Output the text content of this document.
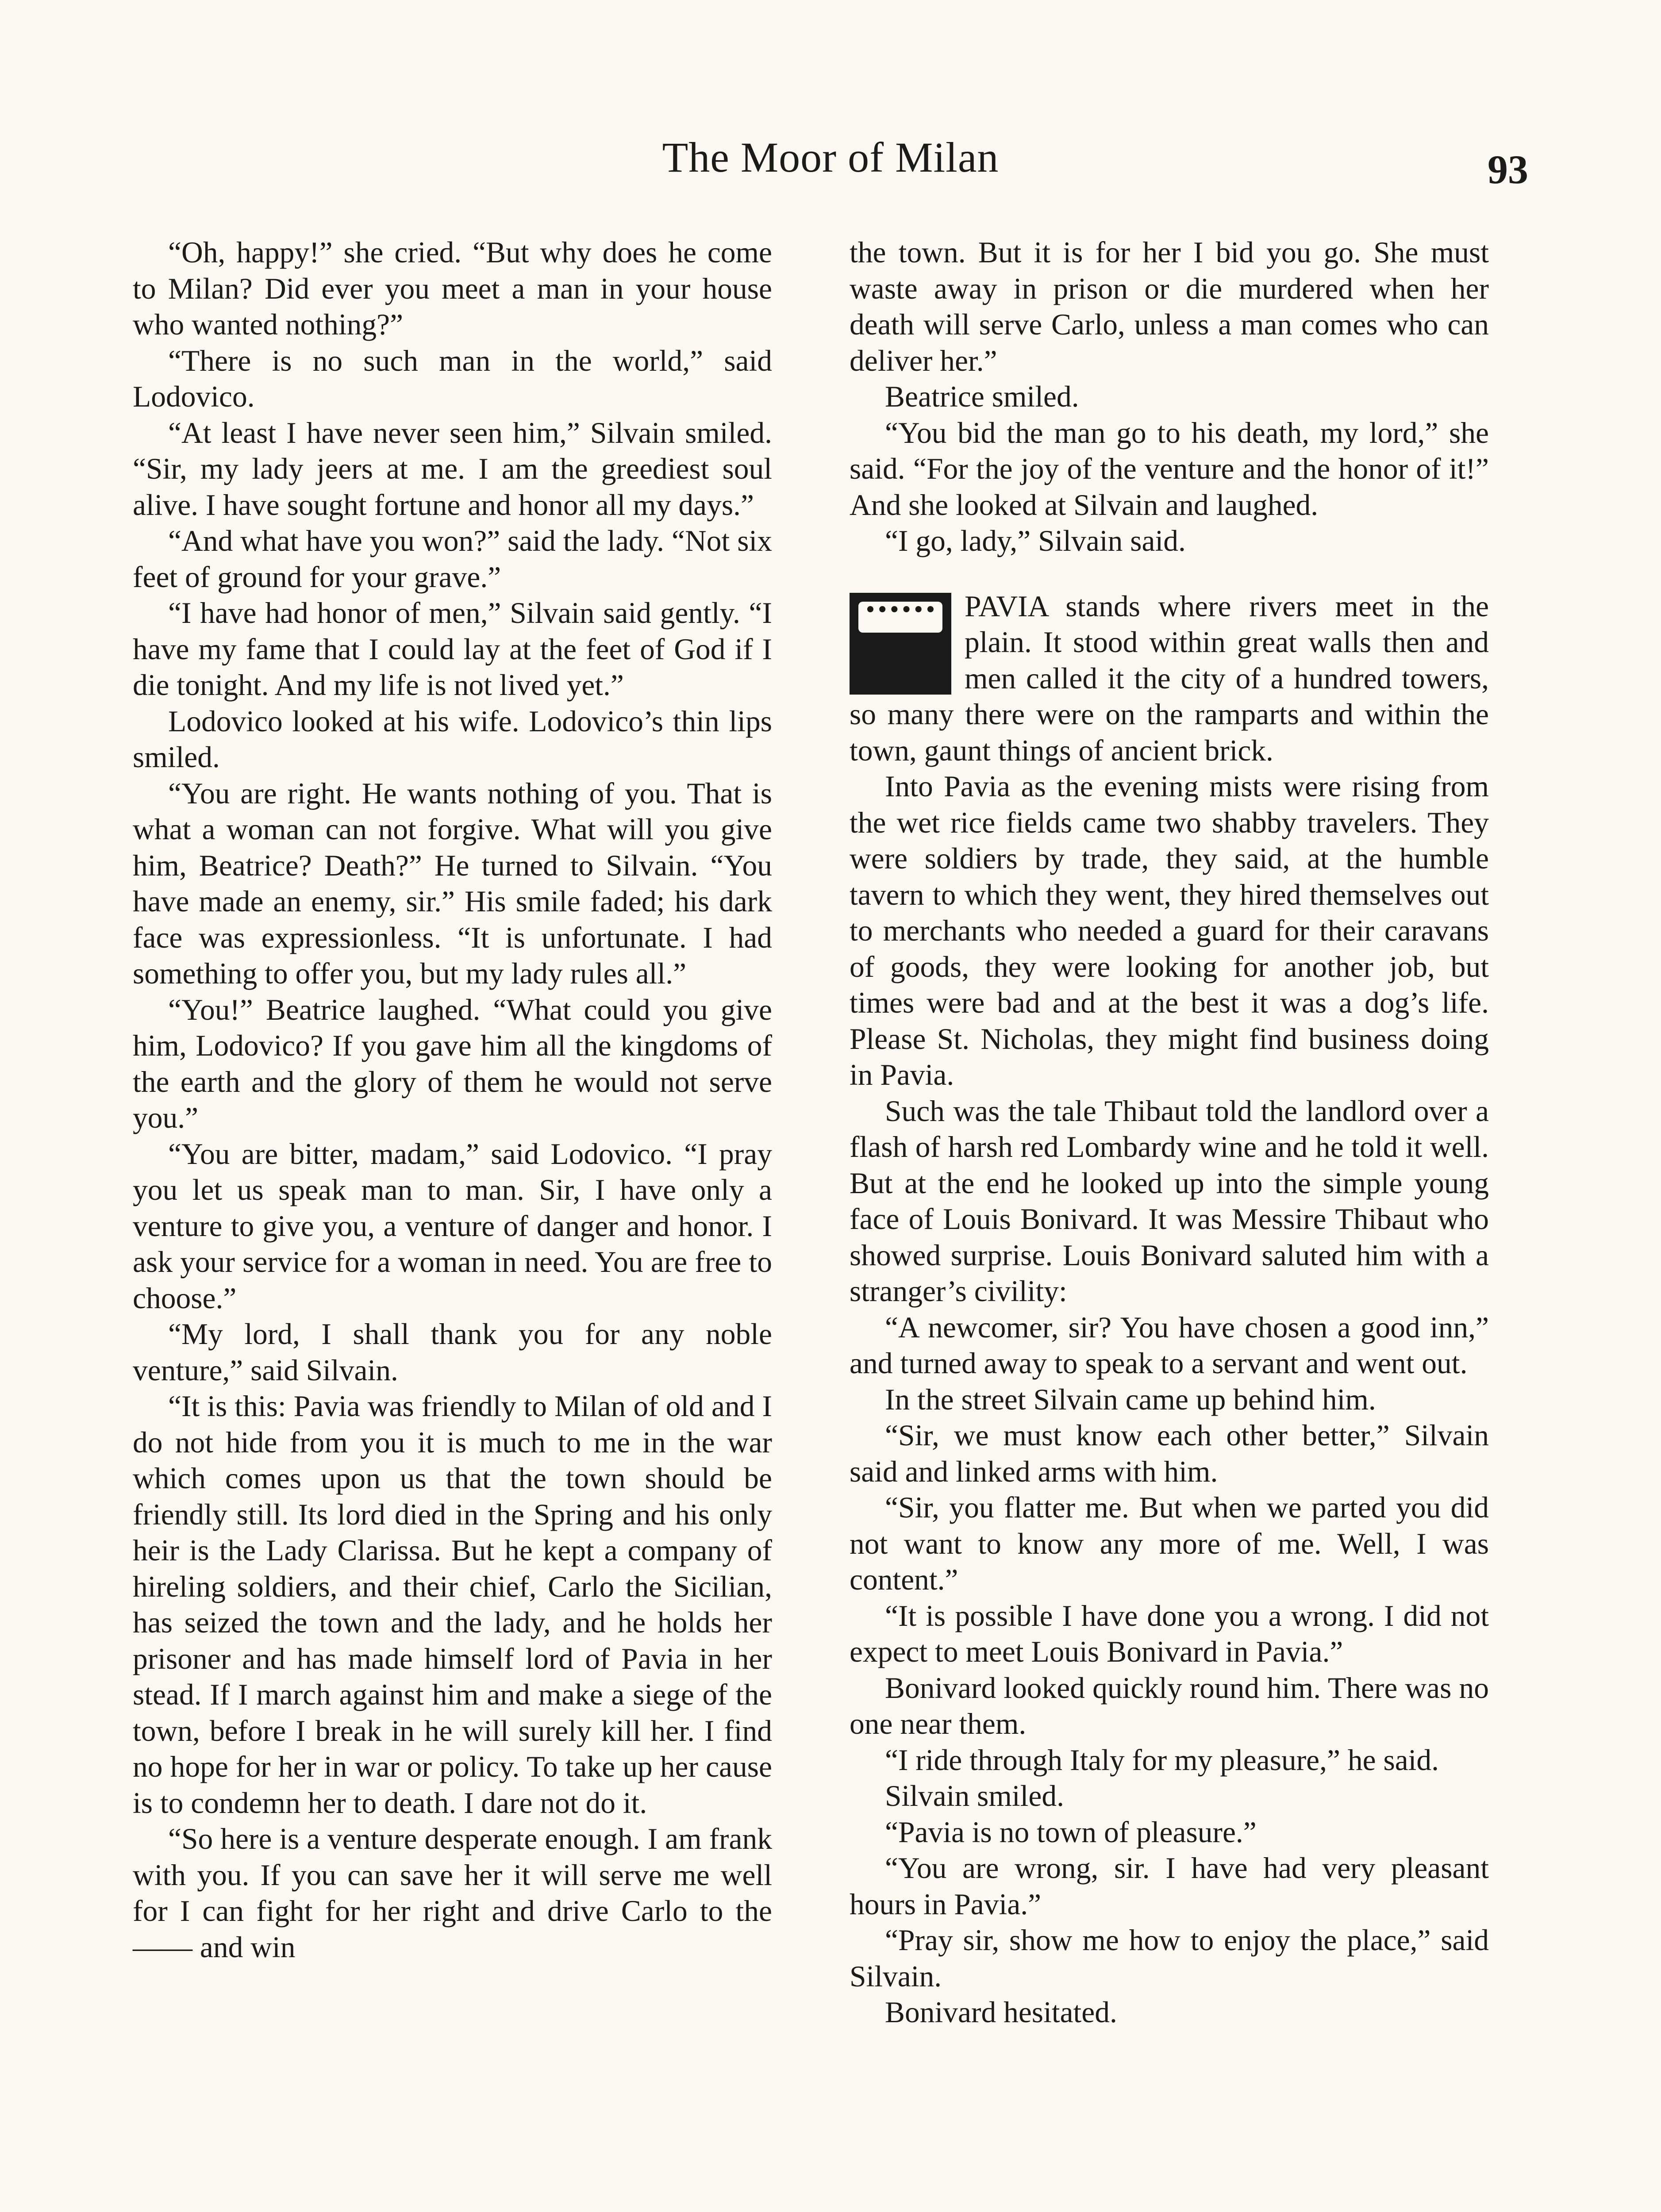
The Moor of Milan	93

“Oh, happy!” she cried. “But why does he come to Milan? Did ever you meet a man in your house who wanted nothing?”

“There is no such man in the world,” said Lodovico.

“At least I have never seen him,” Silvain smiled. “Sir, my lady jeers at me. I am the greediest soul alive. I have sought fortune and honor all my days.”

“And what have you won?” said the lady. “Not six feet of ground for your grave.”

“I have had honor of men,” Silvain said gently. “I have my fame that I could lay at the feet of God if I die tonight. And my life is not lived yet.”

Lodovico looked at his wife. Lodovico’s thin lips smiled.

“You are right. He wants nothing of you. That is what a woman can not forgive. What will you give him, Beatrice? Death?” He turned to Silvain. “You have made an enemy, sir.” His smile faded; his dark face was expressionless. “It is unfortunate. I had something to offer you, but my lady rules all.”

“You!” Beatrice laughed. “What could you give him, Lodovico? If you gave him all the kingdoms of the earth and the glory of them he would not serve you.”

“You are bitter, madam,” said Lodovico. “I pray you let us speak man to man. Sir, I have only a venture to give you, a venture of danger and honor. I ask your service for a woman in need. You are free to choose.”

“My lord, I shall thank you for any noble venture,” said Silvain.

“It is this: Pavia was friendly to Milan of old and I do not hide from you it is much to me in the war which comes upon us that the town should be friendly still. Its lord died in the Spring and his only heir is the Lady Clarissa. But he kept a company of hireling soldiers, and their chief, Carlo the Sicilian, has seized the town and the lady, and he holds her prisoner and has made himself lord of Pavia in her stead. If I march against him and make a siege of the town, before I break in he will surely kill her. I find no hope for her in war or policy. To take up her cause is to condemn her to death. I dare not do it.

“So here is a venture desperate enough. I am frank with you. If you can save her it will serve me well for I can fight for her right and drive Carlo to the —— and win

the town. But it is for her I bid you go. She must waste away in prison or die murdered when her death will serve Carlo, unless a man comes who can deliver her.”

Beatrice smiled.

“You bid the man go to his death, my lord,” she said. “For the joy of the venture and the honor of it!” And she looked at Silvain and laughed.

“I go, lady,” Silvain said.

PAVIA stands where rivers meet in the plain. It stood within great walls then and men called it the city of a hundred towers, so many there were on the ramparts and within the town, gaunt things of ancient brick.

Into Pavia as the evening mists were rising from the wet rice fields came two shabby travelers. They were soldiers by trade, they said, at the humble tavern to which they went, they hired themselves out to merchants who needed a guard for their caravans of goods, they were looking for another job, but times were bad and at the best it was a dog’s life. Please St. Nicholas, they might find business doing in Pavia.

Such was the tale Thibaut told the landlord over a flash of harsh red Lombardy wine and he told it well. But at the end he looked up into the simple young face of Louis Bonivard. It was Messire Thibaut who showed surprise. Louis Bonivard saluted him with a stranger’s civility:

“A newcomer, sir? You have chosen a good inn,” and turned away to speak to a servant and went out.

In the street Silvain came up behind him.

“Sir, we must know each other better,” Silvain said and linked arms with him.

“Sir, you flatter me. But when we parted you did not want to know any more of me. Well, I was content.”

“It is possible I have done you a wrong. I did not expect to meet Louis Bonivard in Pavia.”

Bonivard looked quickly round him. There was no one near them.

“I ride through Italy for my pleasure,” he said.

Silvain smiled.

“Pavia is no town of pleasure.”

“You are wrong, sir. I have had very pleasant hours in Pavia.”

“Pray sir, show me how to enjoy the place,” said Silvain.

Bonivard hesitated.
